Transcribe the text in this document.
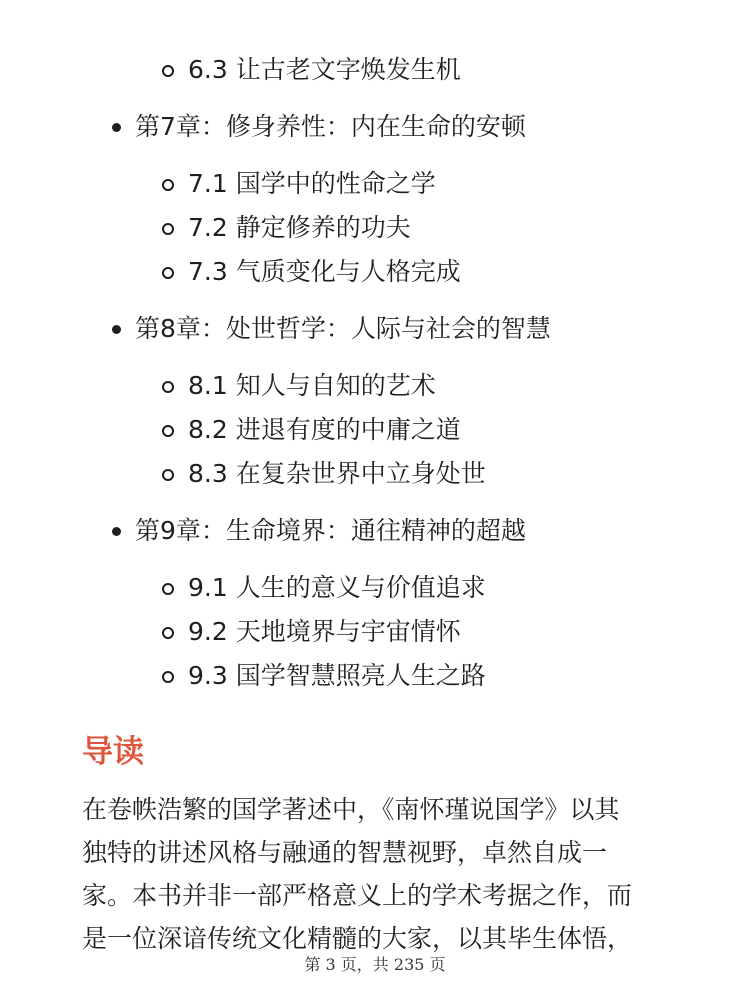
6.3 让古老文字焕发生机
第7章：修身养性：内在生命的安顿
7.1 国学中的性命之学
7.2 静定修养的功夫
7.3 气质变化与人格完成
第8章：处世哲学：人际与社会的智慧
8.1 知人与自知的艺术
8.2 进退有度的中庸之道
8.3 在复杂世界中立身处世
第9章：生命境界：通往精神的超越
9.1 人生的意义与价值追求
9.2 天地境界与宇宙情怀
9.3 国学智慧照亮人生之路
导读
在卷帙浩繁的国学著述中，《南怀瑾说国学》以其
独特的讲述风格与融通的智慧视野，卓然自成一
家。本书并非一部严格意义上的学术考据之作，而
是一位深谙传统文化精髓的大家，以其毕生体悟，
第 3 页，共 235 页
